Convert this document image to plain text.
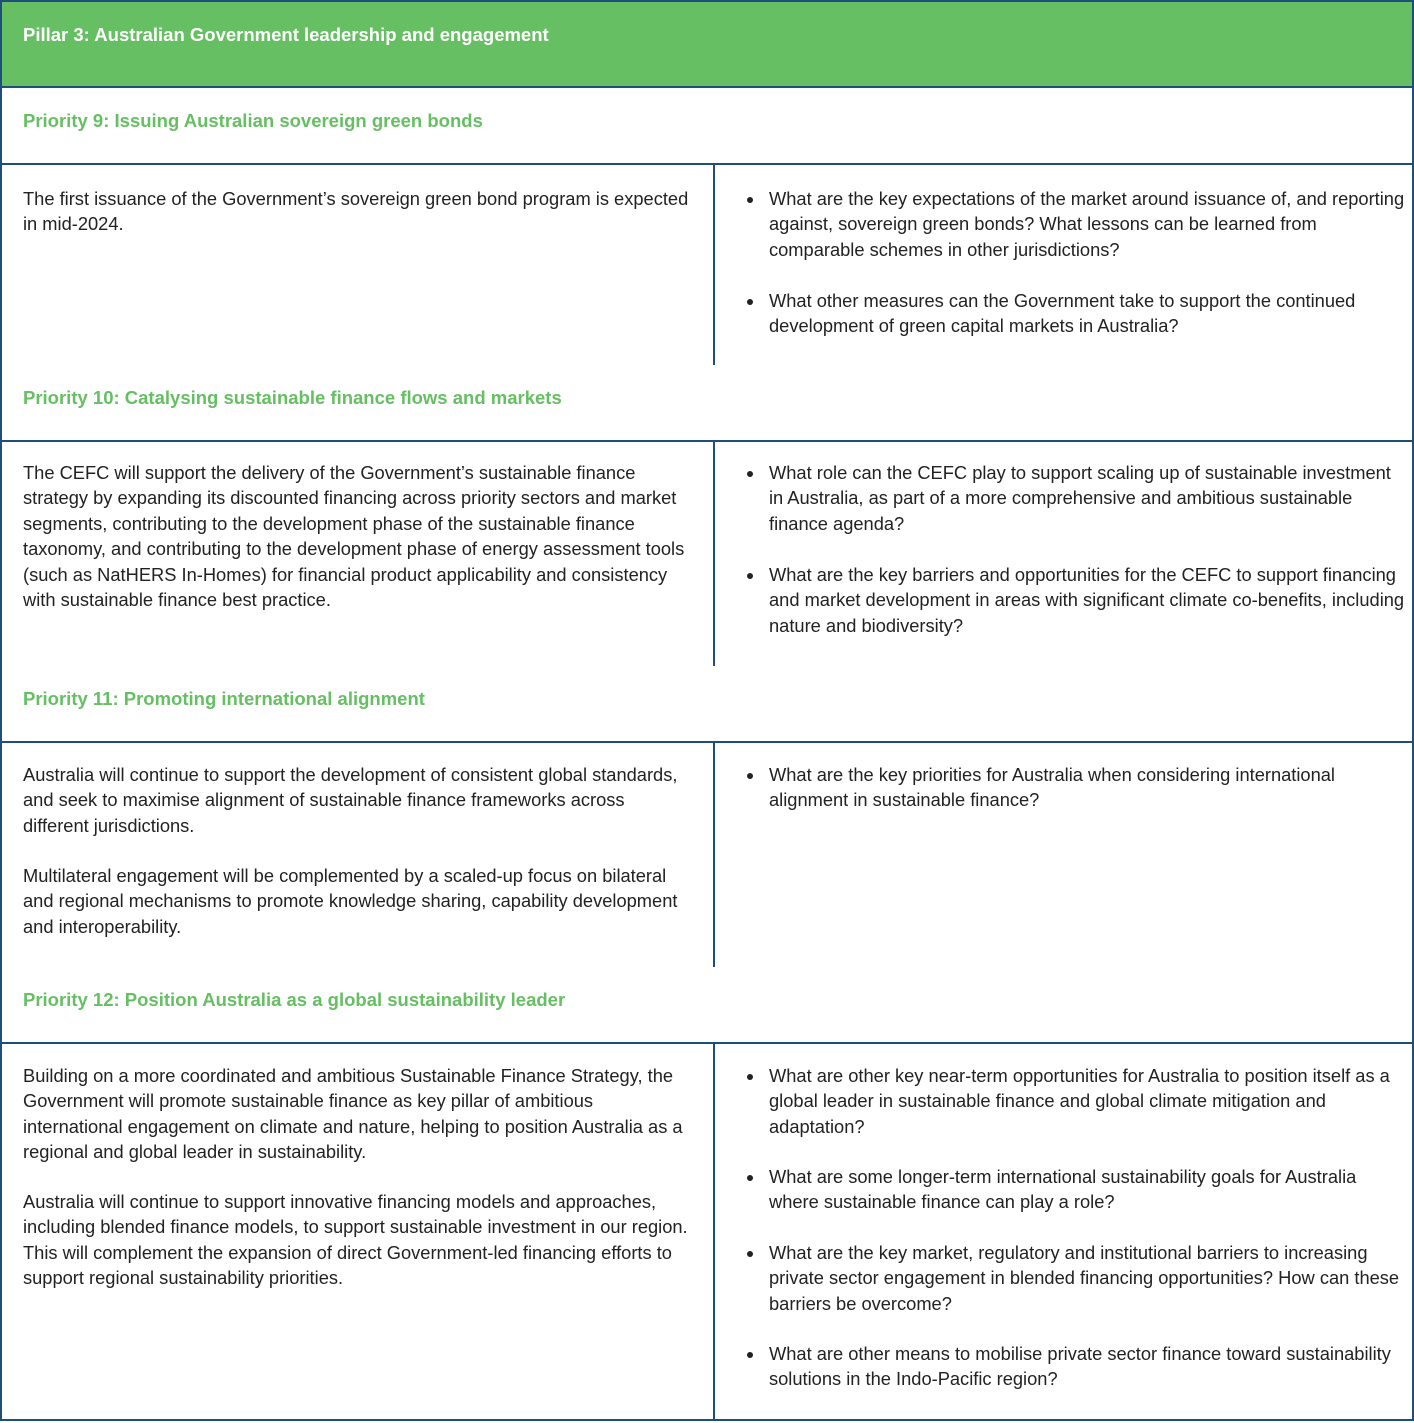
Pillar 3: Australian Government leadership and engagement
Priority 9: Issuing Australian sovereign green bonds

The first issuance of the Government’s sovereign green bond program is expected in mid-2024.

What are the key expectations of the market around issuance of, and reporting against, sovereign green bonds? What lessons can be learned from comparable schemes in other jurisdictions?
What other measures can the Government take to support the continued development of green capital markets in Australia?
Priority 10: Catalysing sustainable finance flows and markets

The CEFC will support the delivery of the Government’s sustainable finance strategy by expanding its discounted financing across priority sectors and market segments, contributing to the development phase of the sustainable finance taxonomy, and contributing to the development phase of energy assessment tools (such as NatHERS In-Homes) for financial product applicability and consistency with sustainable finance best practice.

What role can the CEFC play to support scaling up of sustainable investment in Australia, as part of a more comprehensive and ambitious sustainable finance agenda?
What are the key barriers and opportunities for the CEFC to support financing and market development in areas with significant climate co-benefits, including nature and biodiversity?
Priority 11: Promoting international alignment

Australia will continue to support the development of consistent global standards, and seek to maximise alignment of sustainable finance frameworks across different jurisdictions.

Multilateral engagement will be complemented by a scaled-up focus on bilateral and regional mechanisms to promote knowledge sharing, capability development and interoperability.

What are the key priorities for Australia when considering international alignment in sustainable finance?
Priority 12: Position Australia as a global sustainability leader

Building on a more coordinated and ambitious Sustainable Finance Strategy, the Government will promote sustainable finance as key pillar of ambitious international engagement on climate and nature, helping to position Australia as a regional and global leader in sustainability.

Australia will continue to support innovative financing models and approaches, including blended finance models, to support sustainable investment in our region. This will complement the expansion of direct Government-led financing efforts to support regional sustainability priorities.

What are other key near-term opportunities for Australia to position itself as a global leader in sustainable finance and global climate mitigation and adaptation?
What are some longer-term international sustainability goals for Australia where sustainable finance can play a role?
What are the key market, regulatory and institutional barriers to increasing private sector engagement in blended financing opportunities? How can these barriers be overcome?
What are other means to mobilise private sector finance toward sustainability solutions in the Indo-Pacific region?
